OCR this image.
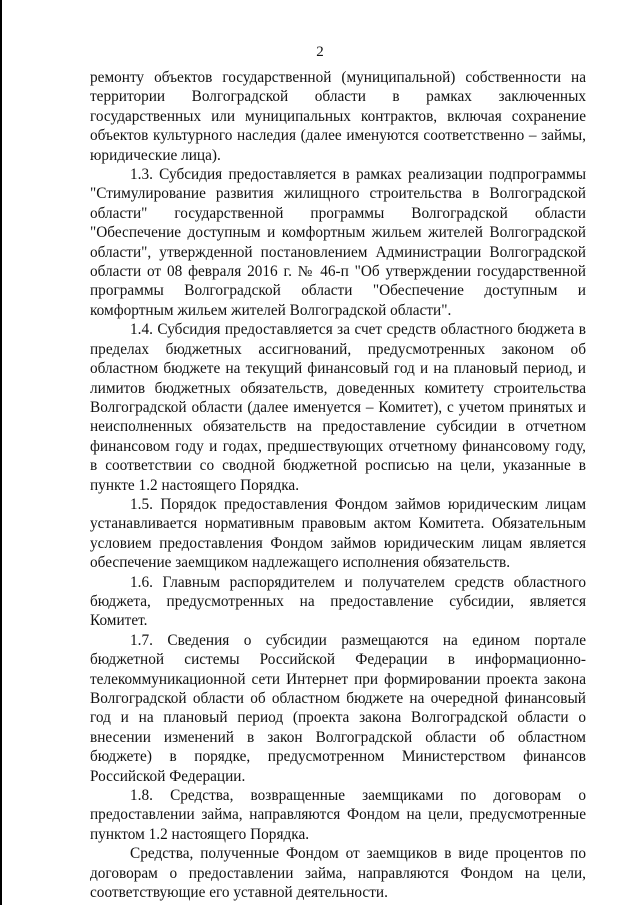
2

ремонту объектов государственной (муниципальной) собственности на территории Волгоградской области в рамках заключенных государственных или муниципальных контрактов, включая сохранение объектов культурного наследия (далее именуются соответственно – займы, юридические лица).

1.3. Субсидия предоставляется в рамках реализации подпрограммы "Стимулирование развития жилищного строительства в Волгоградской области" государственной программы Волгоградской области "Обеспечение доступным и комфортным жильем жителей Волгоградской области", утвержденной постановлением Администрации Волгоградской области от 08 февраля 2016 г. № 46-п "Об утверждении государственной программы Волгоградской области "Обеспечение доступным и комфортным жильем жителей Волгоградской области".

1.4. Субсидия предоставляется за счет средств областного бюджета в пределах бюджетных ассигнований, предусмотренных законом об областном бюджете на текущий финансовый год и на плановый период, и лимитов бюджетных обязательств, доведенных комитету строительства Волгоградской области (далее именуется – Комитет), с учетом принятых и неисполненных обязательств на предоставление субсидии в отчетном финансовом году и годах, предшествующих отчетному финансовому году, в соответствии со сводной бюджетной росписью на цели, указанные в пункте 1.2 настоящего Порядка.

1.5. Порядок предоставления Фондом займов юридическим лицам устанавливается нормативным правовым актом Комитета. Обязательным условием предоставления Фондом займов юридическим лицам является обеспечение заемщиком надлежащего исполнения обязательств.

1.6. Главным распорядителем и получателем средств областного бюджета, предусмотренных на предоставление субсидии, является Комитет.

1.7. Сведения о субсидии размещаются на едином портале бюджетной системы Российской Федерации в информационно-телекоммуникационной сети Интернет при формировании проекта закона Волгоградской области об областном бюджете на очередной финансовый год и на плановый период (проекта закона Волгоградской области о внесении изменений в закон Волгоградской области об областном бюджете) в порядке, предусмотренном Министерством финансов Российской Федерации.

1.8. Средства, возвращенные заемщиками по договорам о предоставлении займа, направляются Фондом на цели, предусмотренные пунктом 1.2 настоящего Порядка.

Средства, полученные Фондом от заемщиков в виде процентов по договорам о предоставлении займа, направляются Фондом на цели, соответствующие его уставной деятельности.
